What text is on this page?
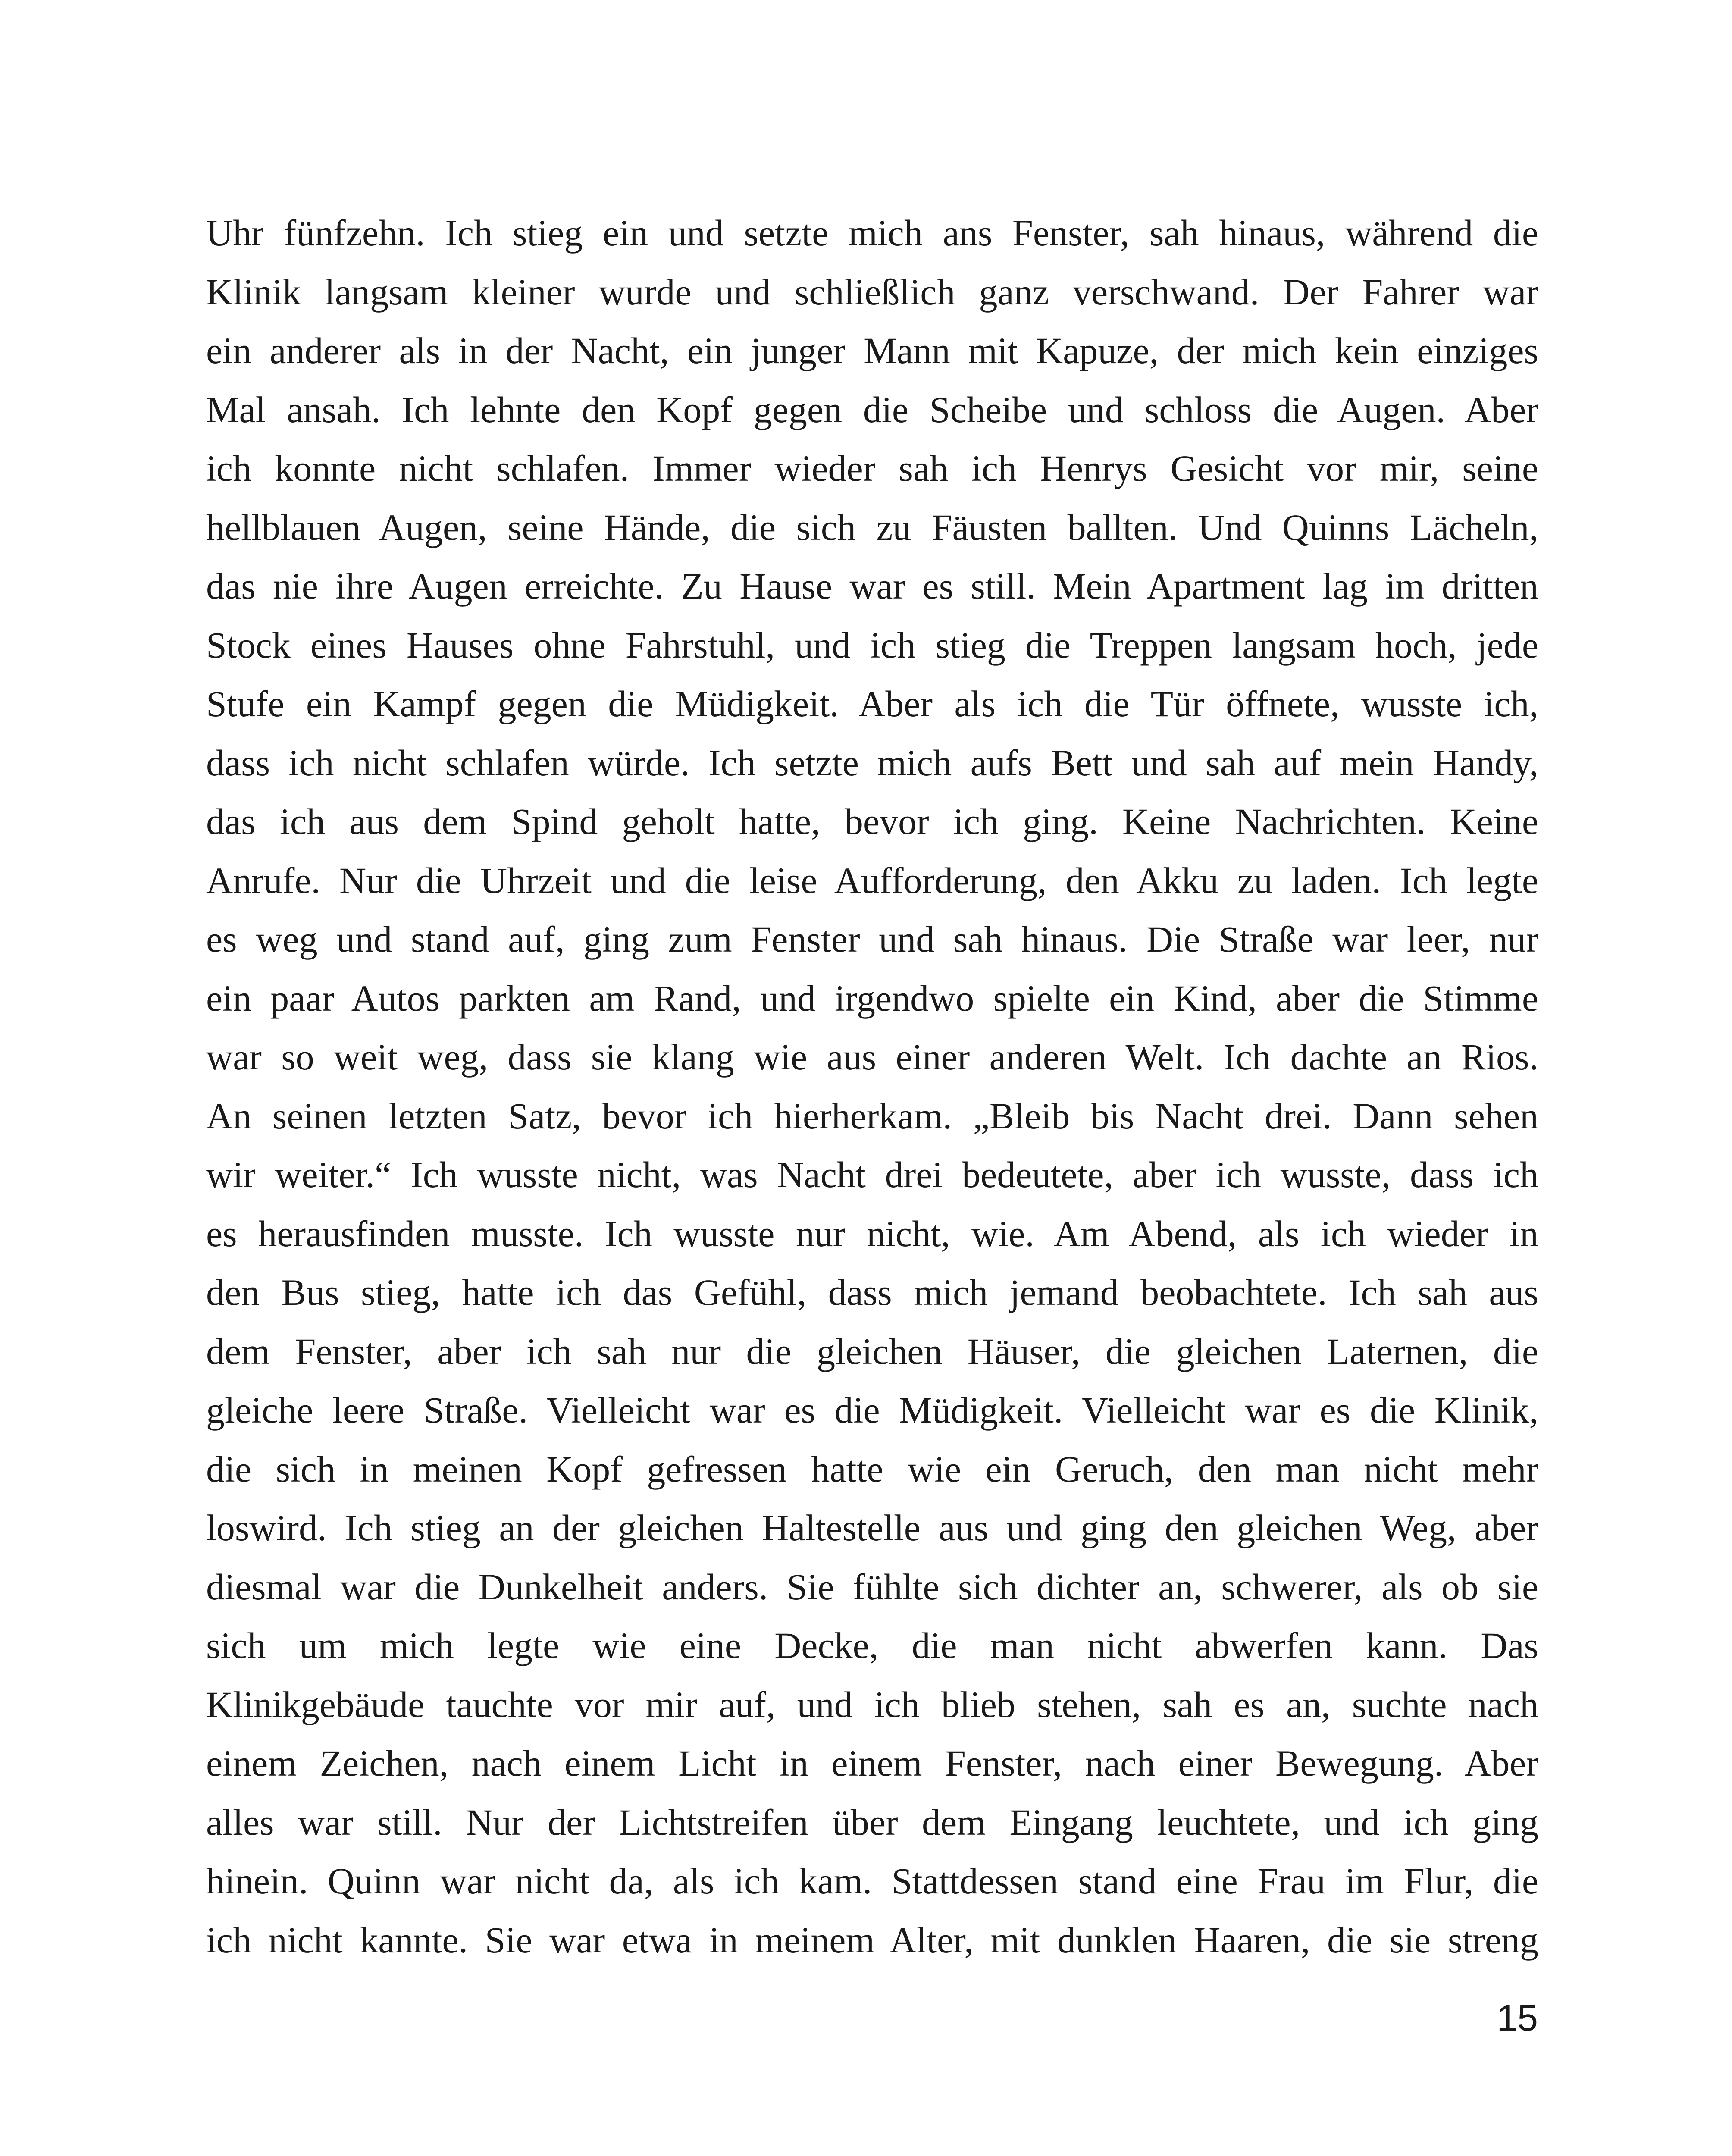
Uhr fünfzehn. Ich stieg ein und setzte mich ans Fenster, sah hinaus, während die
Klinik langsam kleiner wurde und schließlich ganz verschwand. Der Fahrer war
ein anderer als in der Nacht, ein junger Mann mit Kapuze, der mich kein einziges
Mal ansah. Ich lehnte den Kopf gegen die Scheibe und schloss die Augen. Aber
ich konnte nicht schlafen. Immer wieder sah ich Henrys Gesicht vor mir, seine
hellblauen Augen, seine Hände, die sich zu Fäusten ballten. Und Quinns Lächeln,
das nie ihre Augen erreichte. Zu Hause war es still. Mein Apartment lag im dritten
Stock eines Hauses ohne Fahrstuhl, und ich stieg die Treppen langsam hoch, jede
Stufe ein Kampf gegen die Müdigkeit. Aber als ich die Tür öffnete, wusste ich,
dass ich nicht schlafen würde. Ich setzte mich aufs Bett und sah auf mein Handy,
das ich aus dem Spind geholt hatte, bevor ich ging. Keine Nachrichten. Keine
Anrufe. Nur die Uhrzeit und die leise Aufforderung, den Akku zu laden. Ich legte
es weg und stand auf, ging zum Fenster und sah hinaus. Die Straße war leer, nur
ein paar Autos parkten am Rand, und irgendwo spielte ein Kind, aber die Stimme
war so weit weg, dass sie klang wie aus einer anderen Welt. Ich dachte an Rios.
An seinen letzten Satz, bevor ich hierherkam. „Bleib bis Nacht drei. Dann sehen
wir weiter.“ Ich wusste nicht, was Nacht drei bedeutete, aber ich wusste, dass ich
es herausfinden musste. Ich wusste nur nicht, wie. Am Abend, als ich wieder in
den Bus stieg, hatte ich das Gefühl, dass mich jemand beobachtete. Ich sah aus
dem Fenster, aber ich sah nur die gleichen Häuser, die gleichen Laternen, die
gleiche leere Straße. Vielleicht war es die Müdigkeit. Vielleicht war es die Klinik,
die sich in meinen Kopf gefressen hatte wie ein Geruch, den man nicht mehr
loswird. Ich stieg an der gleichen Haltestelle aus und ging den gleichen Weg, aber
diesmal war die Dunkelheit anders. Sie fühlte sich dichter an, schwerer, als ob sie
sich um mich legte wie eine Decke, die man nicht abwerfen kann. Das
Klinikgebäude tauchte vor mir auf, und ich blieb stehen, sah es an, suchte nach
einem Zeichen, nach einem Licht in einem Fenster, nach einer Bewegung. Aber
alles war still. Nur der Lichtstreifen über dem Eingang leuchtete, und ich ging
hinein. Quinn war nicht da, als ich kam. Stattdessen stand eine Frau im Flur, die
ich nicht kannte. Sie war etwa in meinem Alter, mit dunklen Haaren, die sie streng
15
